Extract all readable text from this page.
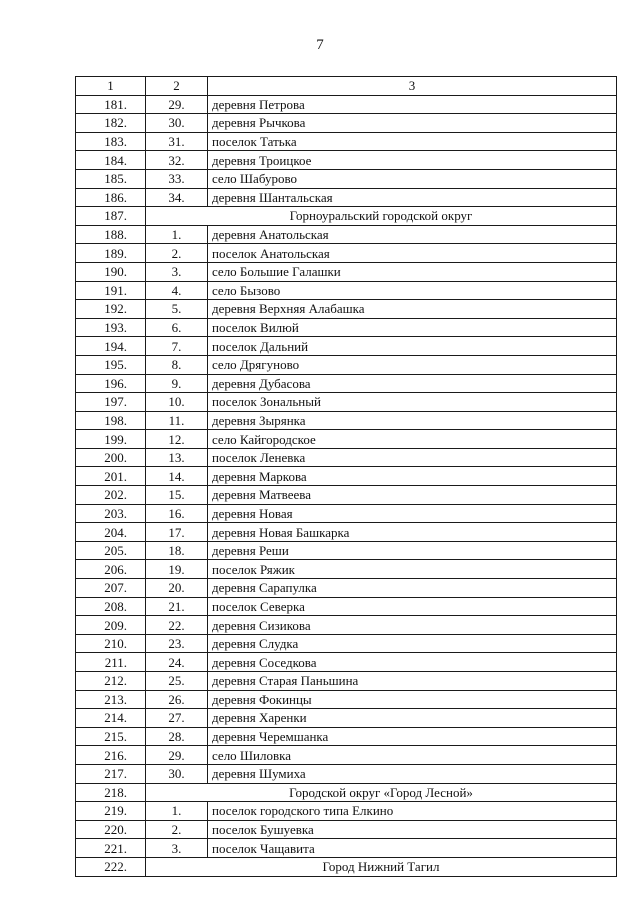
7
1	2	3
181.	29.	деревня Петрова
182.	30.	деревня Рычкова
183.	31.	поселок Татька
184.	32.	деревня Троицкое
185.	33.	село Шабурово
186.	34.	деревня Шантальская
187.	Горноуральский городской округ	
188.	1.	деревня Анатольская
189.	2.	поселок Анатольская
190.	3.	село Большие Галашки
191.	4.	село Бызово
192.	5.	деревня Верхняя Алабашка
193.	6.	поселок Вилюй
194.	7.	поселок Дальний
195.	8.	село Дрягуново
196.	9.	деревня Дубасова
197.	10.	поселок Зональный
198.	11.	деревня Зырянка
199.	12.	село Кайгородское
200.	13.	поселок Леневка
201.	14.	деревня Маркова
202.	15.	деревня Матвеева
203.	16.	деревня Новая
204.	17.	деревня Новая Башкарка
205.	18.	деревня Реши
206.	19.	поселок Ряжик
207.	20.	деревня Сарапулка
208.	21.	поселок Северка
209.	22.	деревня Сизикова
210.	23.	деревня Слудка
211.	24.	деревня Соседкова
212.	25.	деревня Старая Паньшина
213.	26.	деревня Фокинцы
214.	27.	деревня Харенки
215.	28.	деревня Черемшанка
216.	29.	село Шиловка
217.	30.	деревня Шумиха
218.	Городской округ «Город Лесной»	
219.	1.	поселок городского типа Елкино
220.	2.	поселок Бушуевка
221.	3.	поселок Чащавита
222.	Город Нижний Тагил	
